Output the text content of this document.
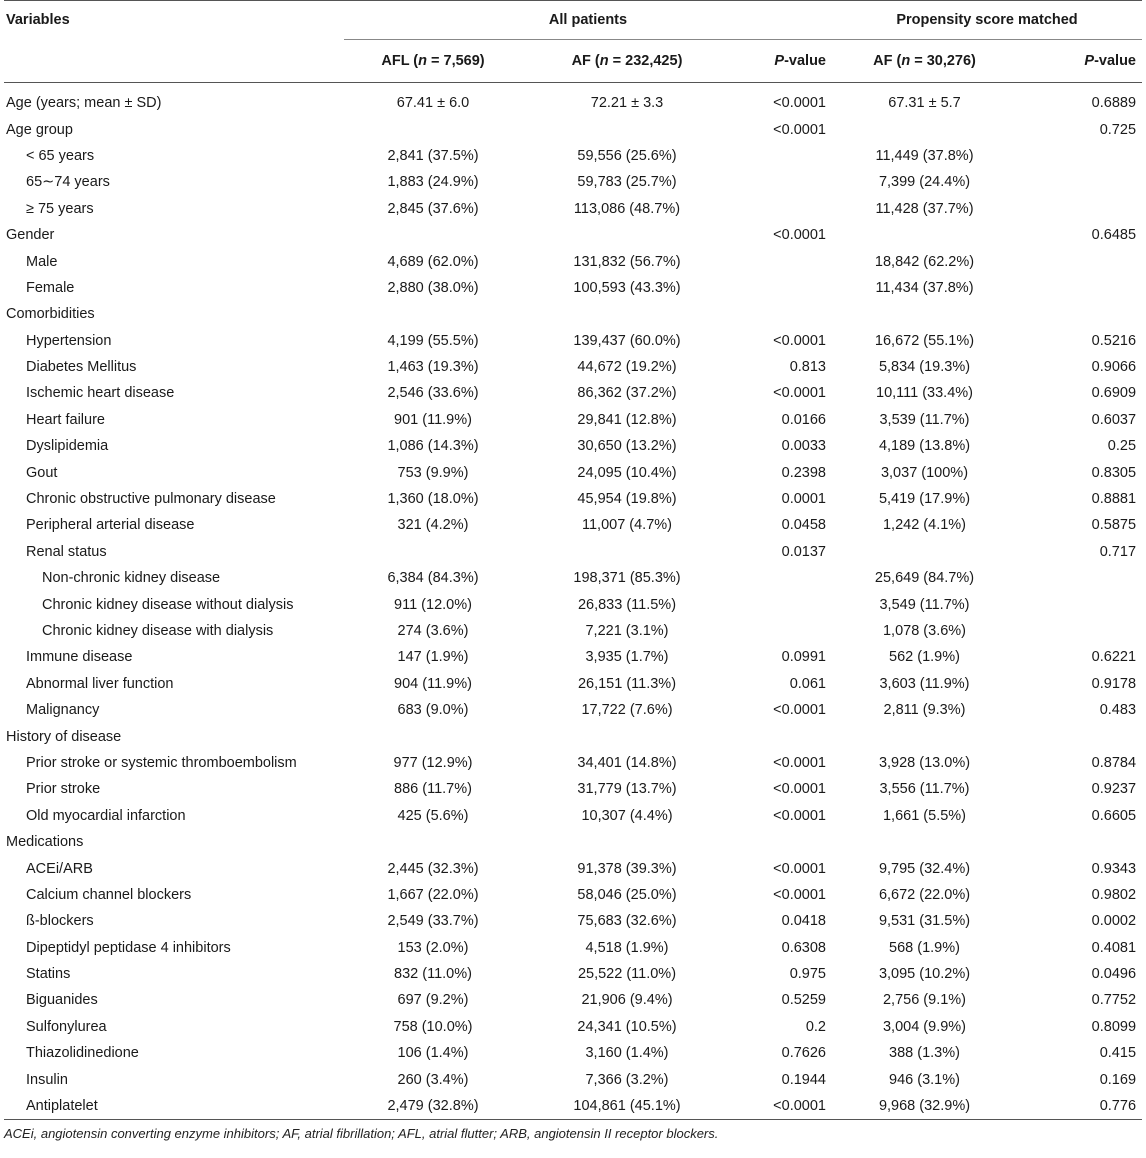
Variables	All patients			Propensity score matched	
	AFL (n = 7,569)	AF (n = 232,425)	P-value	AF (n = 30,276)	P-value

Age (years; mean ± SD)	67.41 ± 6.0	72.21 ± 3.3	<0.0001	67.31 ± 5.7	0.6889
Age group			<0.0001		0.725
< 65 years	2,841 (37.5%)	59,556 (25.6%)		11,449 (37.8%)	
65∼74 years	1,883 (24.9%)	59,783 (25.7%)		7,399 (24.4%)	
≥ 75 years	2,845 (37.6%)	113,086 (48.7%)		11,428 (37.7%)	
Gender			<0.0001		0.6485
Male	4,689 (62.0%)	131,832 (56.7%)		18,842 (62.2%)	
Female	2,880 (38.0%)	100,593 (43.3%)		11,434 (37.8%)	
Comorbidities					
Hypertension	4,199 (55.5%)	139,437 (60.0%)	<0.0001	16,672 (55.1%)	0.5216
Diabetes Mellitus	1,463 (19.3%)	44,672 (19.2%)	0.813	5,834 (19.3%)	0.9066
Ischemic heart disease	2,546 (33.6%)	86,362 (37.2%)	<0.0001	10,111 (33.4%)	0.6909
Heart failure	901 (11.9%)	29,841 (12.8%)	0.0166	3,539 (11.7%)	0.6037
Dyslipidemia	1,086 (14.3%)	30,650 (13.2%)	0.0033	4,189 (13.8%)	0.25
Gout	753 (9.9%)	24,095 (10.4%)	0.2398	3,037 (100%)	0.8305
Chronic obstructive pulmonary disease	1,360 (18.0%)	45,954 (19.8%)	0.0001	5,419 (17.9%)	0.8881
Peripheral arterial disease	321 (4.2%)	11,007 (4.7%)	0.0458	1,242 (4.1%)	0.5875
Renal status			0.0137		0.717
Non-chronic kidney disease	6,384 (84.3%)	198,371 (85.3%)		25,649 (84.7%)	
Chronic kidney disease without dialysis	911 (12.0%)	26,833 (11.5%)		3,549 (11.7%)	
Chronic kidney disease with dialysis	274 (3.6%)	7,221 (3.1%)		1,078 (3.6%)	
Immune disease	147 (1.9%)	3,935 (1.7%)	0.0991	562 (1.9%)	0.6221
Abnormal liver function	904 (11.9%)	26,151 (11.3%)	0.061	3,603 (11.9%)	0.9178
Malignancy	683 (9.0%)	17,722 (7.6%)	<0.0001	2,811 (9.3%)	0.483
History of disease					
Prior stroke or systemic thromboembolism	977 (12.9%)	34,401 (14.8%)	<0.0001	3,928 (13.0%)	0.8784
Prior stroke	886 (11.7%)	31,779 (13.7%)	<0.0001	3,556 (11.7%)	0.9237
Old myocardial infarction	425 (5.6%)	10,307 (4.4%)	<0.0001	1,661 (5.5%)	0.6605
Medications					
ACEi/ARB	2,445 (32.3%)	91,378 (39.3%)	<0.0001	9,795 (32.4%)	0.9343
Calcium channel blockers	1,667 (22.0%)	58,046 (25.0%)	<0.0001	6,672 (22.0%)	0.9802
ß-blockers	2,549 (33.7%)	75,683 (32.6%)	0.0418	9,531 (31.5%)	0.0002
Dipeptidyl peptidase 4 inhibitors	153 (2.0%)	4,518 (1.9%)	0.6308	568 (1.9%)	0.4081
Statins	832 (11.0%)	25,522 (11.0%)	0.975	3,095 (10.2%)	0.0496
Biguanides	697 (9.2%)	21,906 (9.4%)	0.5259	2,756 (9.1%)	0.7752
Sulfonylurea	758 (10.0%)	24,341 (10.5%)	0.2	3,004 (9.9%)	0.8099
Thiazolidinedione	106 (1.4%)	3,160 (1.4%)	0.7626	388 (1.3%)	0.415
Insulin	260 (3.4%)	7,366 (3.2%)	0.1944	946 (3.1%)	0.169
Antiplatelet	2,479 (32.8%)	104,861 (45.1%)	<0.0001	9,968 (32.9%)	0.776
ACEi, angiotensin converting enzyme inhibitors; AF, atrial fibrillation; AFL, atrial flutter; ARB, angiotensin II receptor blockers.
